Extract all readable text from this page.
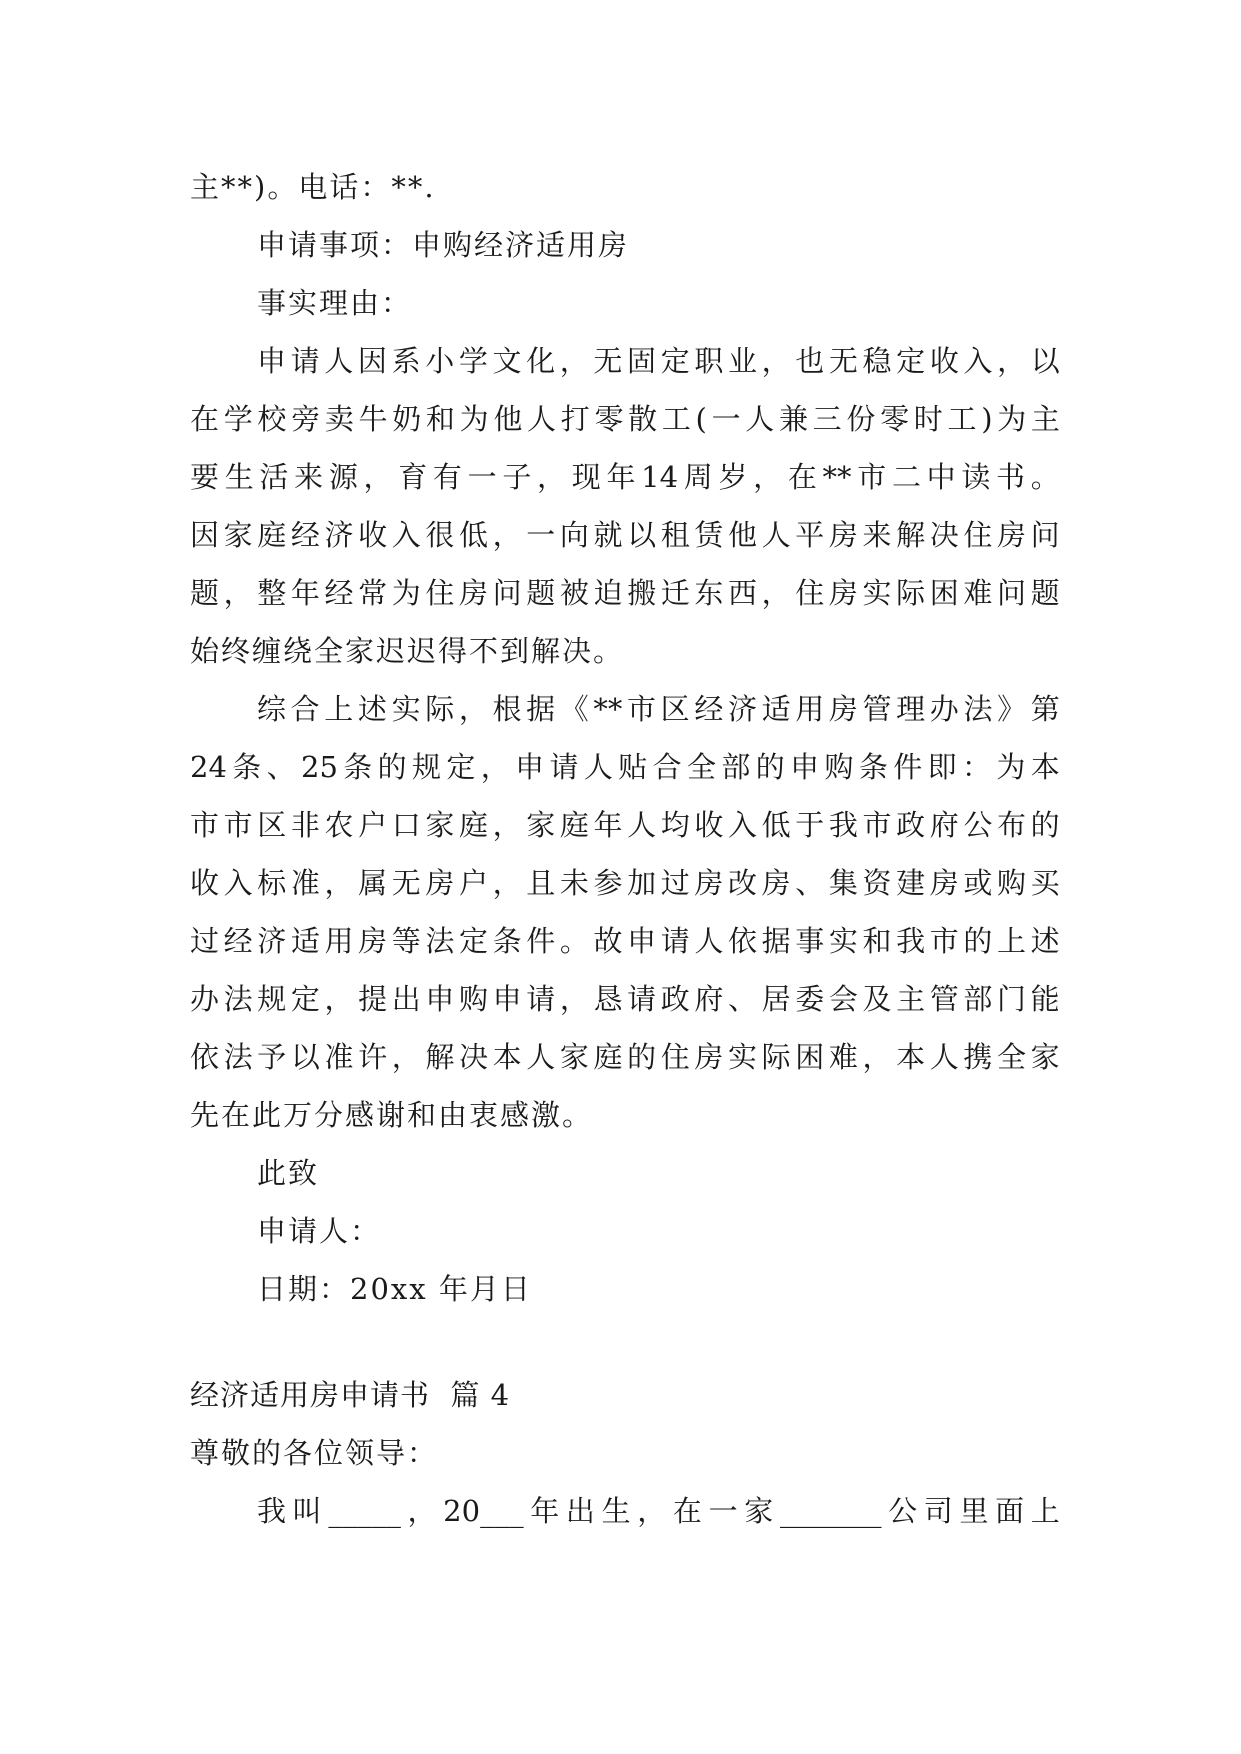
主**)。电话：**.
申请事项：申购经济适用房
事实理由：
申 请 人 因 系 小 学 文 化 ， 无 固 定 职 业 ， 也 无 稳 定 收 入 ， 以
在 学 校 旁 卖 牛 奶 和 为 他 人 打 零 散 工 ( 一 人 兼 三 份 零 时 工 ) 为 主
要 生 活 来 源 ， 育 有 一 子 ， 现 年 14 周 岁 ， 在 ** 市 二 中 读 书 。
因 家 庭 经 济 收 入 很 低 ， 一 向 就 以 租 赁 他 人 平 房 来 解 决 住 房 问
题 ， 整 年 经 常 为 住 房 问 题 被 迫 搬 迁 东 西 ， 住 房 实 际 困 难 问 题
始终缠绕全家迟迟得不到解决。
综 合 上 述 实 际 ， 根 据 《 ** 市 区 经 济 适 用 房 管 理 办 法 》 第
24 条 、 25 条 的 规 定 ， 申 请 人 贴 合 全 部 的 申 购 条 件 即 ： 为 本
市 市 区 非 农 户 口 家 庭 ， 家 庭 年 人 均 收 入 低 于 我 市 政 府 公 布 的
收 入 标 准 ， 属 无 房 户 ， 且 未 参 加 过 房 改 房 、 集 资 建 房 或 购 买
过 经 济 适 用 房 等 法 定 条 件 。 故 申 请 人 依 据 事 实 和 我 市 的 上 述
办 法 规 定 ， 提 出 申 购 申 请 ， 恳 请 政 府 、 居 委 会 及 主 管 部 门 能
依 法 予 以 准 许 ， 解 决 本 人 家 庭 的 住 房 实 际 困 难 ， 本 人 携 全 家
先在此万分感谢和由衷感激。
此致
申请人：
日期：20xx 年月日
经济适用房申请书  篇 4
尊敬的各位领导：
我 叫 _____ ， 20___ 年 出 生 ， 在 一 家 _______ 公 司 里 面 上
